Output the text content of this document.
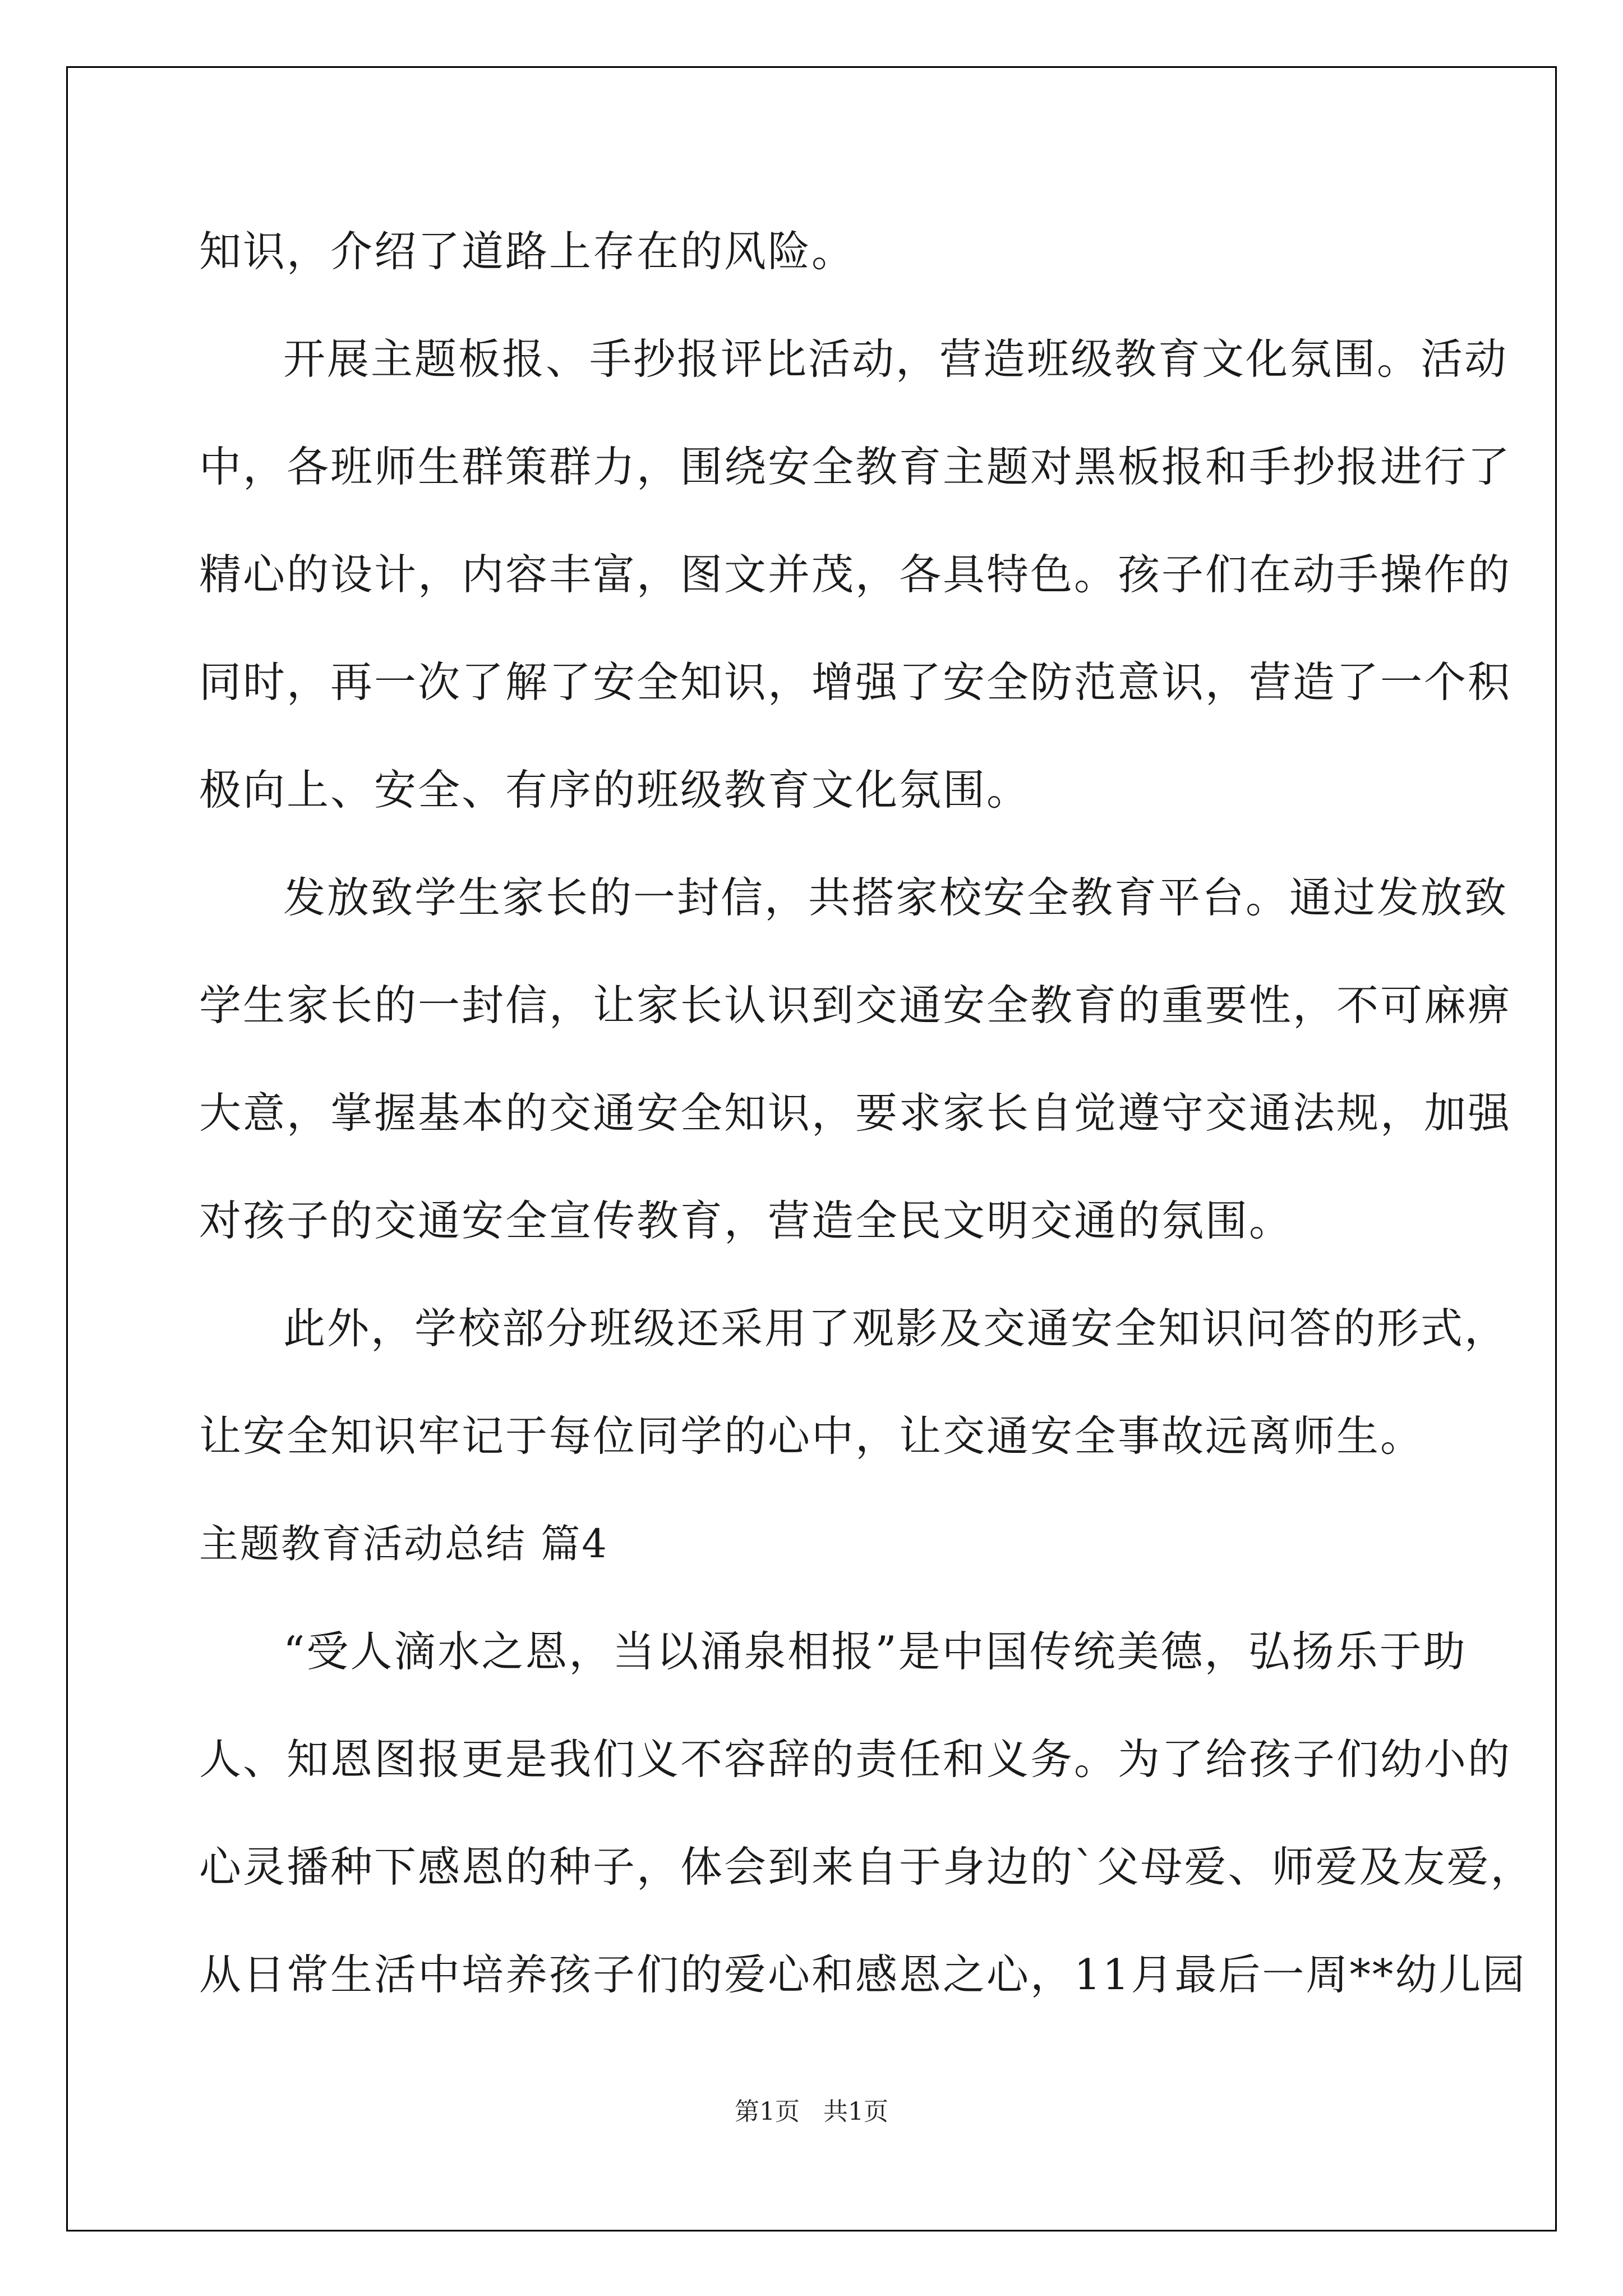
知识，介绍了道路上存在的风险。
开展主题板报、手抄报评比活动，营造班级教育文化氛围。活动
中，各班师生群策群力，围绕安全教育主题对黑板报和手抄报进行了
精心的设计，内容丰富，图文并茂，各具特色。孩子们在动手操作的
同时，再一次了解了安全知识，增强了安全防范意识，营造了一个积
极向上、安全、有序的班级教育文化氛围。
发放致学生家长的一封信，共搭家校安全教育平台。通过发放致
学生家长的一封信，让家长认识到交通安全教育的重要性，不可麻痹
大意，掌握基本的交通安全知识，要求家长自觉遵守交通法规，加强
对孩子的交通安全宣传教育，营造全民文明交通的氛围。
此外，学校部分班级还采用了观影及交通安全知识问答的形式，
让安全知识牢记于每位同学的心中，让交通安全事故远离师生。
主题教育活动总结 篇4
“受人滴水之恩，当以涌泉相报”是中国传统美德，弘扬乐于助
人、知恩图报更是我们义不容辞的责任和义务。为了给孩子们幼小的
心灵播种下感恩的种子，体会到来自于身边的`父母爱、师爱及友爱，
从日常生活中培养孩子们的爱心和感恩之心，11月最后一周**幼儿园
第1页 共1页
